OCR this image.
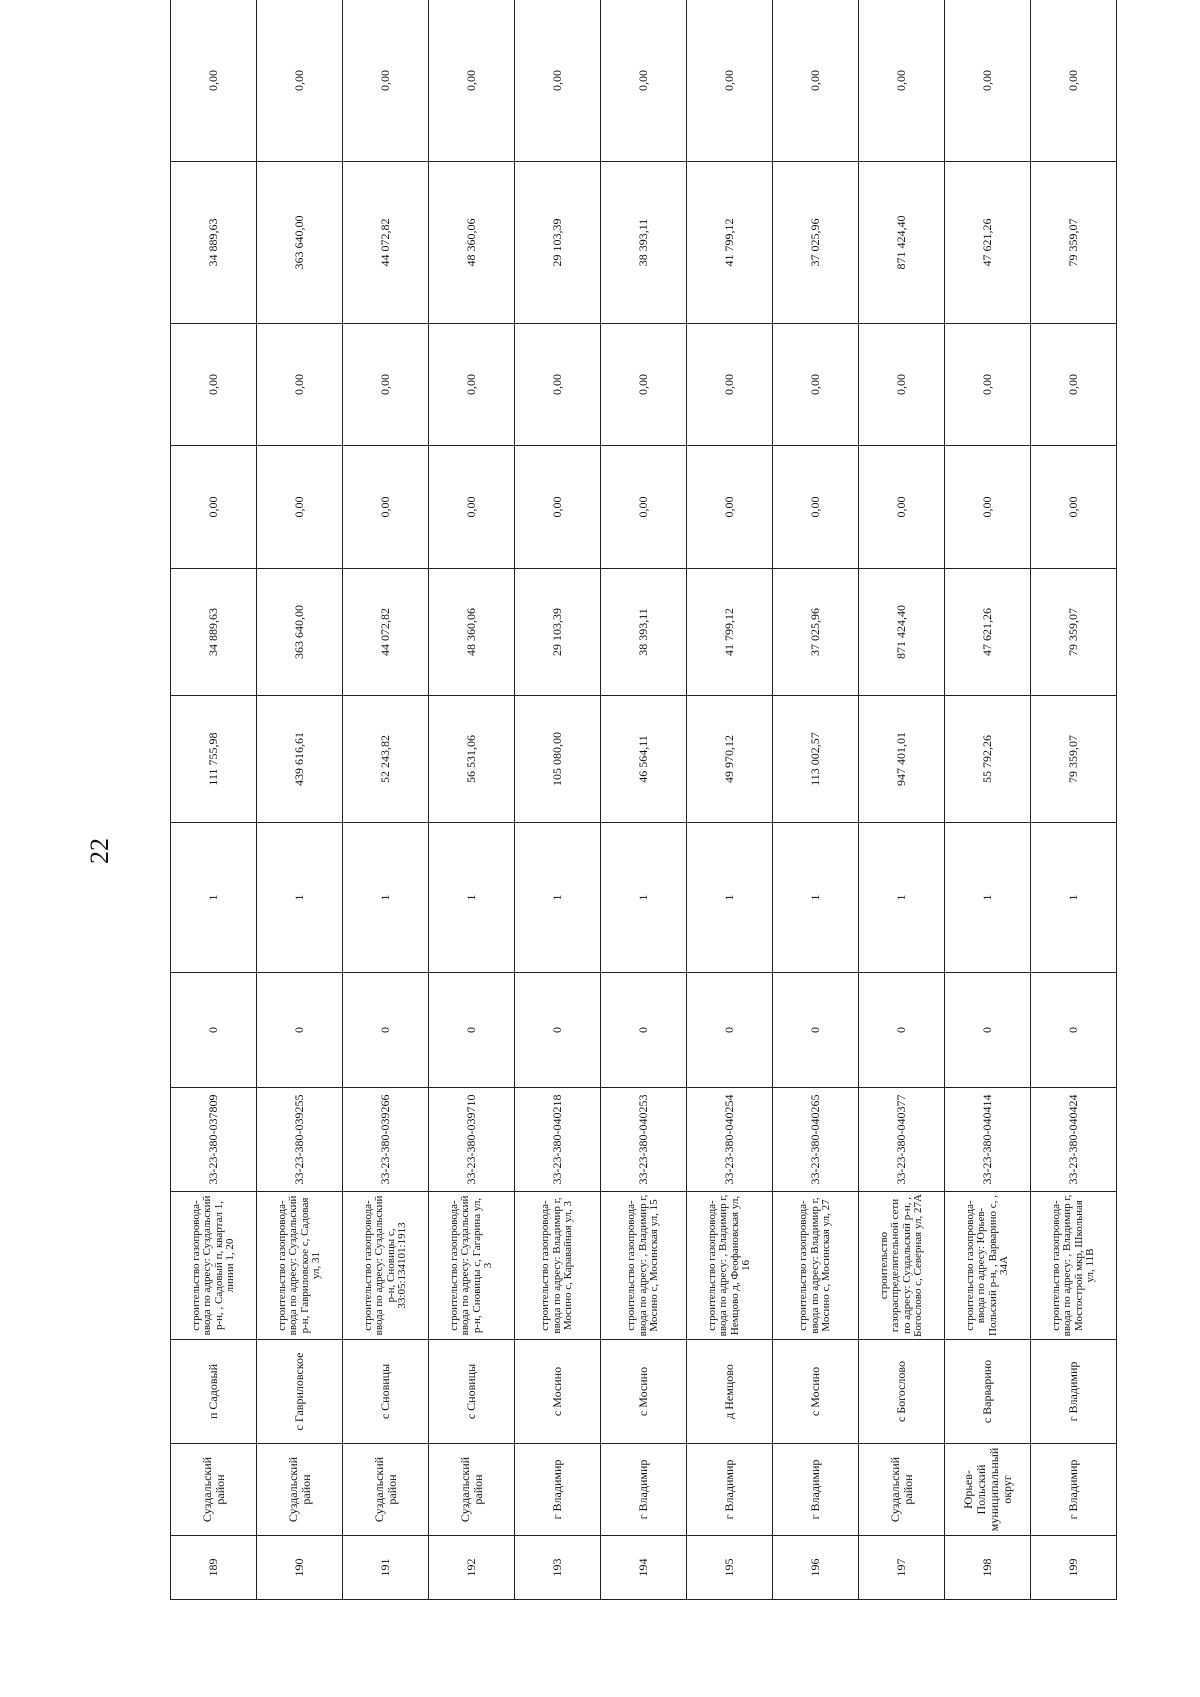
22
189	Суздальский район	п Садовый	строительство газопровода-ввода по адресу: Суздальский р-н, , Садовый п, квартал 1, линии 1, 20	33-23-380-037809	0	1	111 755,98	34 889,63	0,00	0,00	34 889,63	0,00
190	Суздальский район	с Гавриловское	строительство газопровода-ввода по адресу: Суздальский р-н, Гавриловское с, Садовая ул, 31	33-23-380-039255	0	1	439 616,61	363 640,00	0,00	0,00	363 640,00	0,00
191	Суздальский район	с Сновицы	строительство газопровода-ввода по адресу: Суздальский р-н, Сновицы с, 33:05:134101:1913	33-23-380-039266	0	1	52 243,82	44 072,82	0,00	0,00	44 072,82	0,00
192	Суздальский район	с Сновицы	строительство газопровода-ввода по адресу: Суздальский р-н, Сновицы с, Гагарина ул, 3	33-23-380-039710	0	1	56 531,06	48 360,06	0,00	0,00	48 360,06	0,00
193	г Владимир	с Мосино	строительство газопровода-ввода по адресу: Владимир г, Мосино с, Каравайная ул, 3	33-23-380-040218	0	1	105 080,00	29 103,39	0,00	0,00	29 103,39	0,00
194	г Владимир	с Мосино	строительство газопровода-ввода по адресу: , Владимир г, Мосино с, Мосинская ул, 15	33-23-380-040253	0	1	46 564,11	38 393,11	0,00	0,00	38 393,11	0,00
195	г Владимир	д Немцово	строительство газопровода-ввода по адресу: , Владимир г, Немцово д, Феофановская ул, 16	33-23-380-040254	0	1	49 970,12	41 799,12	0,00	0,00	41 799,12	0,00
196	г Владимир	с Мосино	строительство газопровода-ввода по адресу: Владимир г, Мосино с, Мосинская ул, 27	33-23-380-040265	0	1	113 002,57	37 025,96	0,00	0,00	37 025,96	0,00
197	Суздальский район	с Богослово	строительство газораспределительной сети по адресу: Суздальский р-н, , Богослово с, Северная ул, 27А	33-23-380-040377	0	1	947 401,01	871 424,40	0,00	0,00	871 424,40	0,00
198	Юрьев-Польский муниципальный округ	с Варварино	строительство газопровода-ввода по адресу: Юрьев-Польский р-н, , Варварино с, , 34А	33-23-380-040414	0	1	55 792,26	47 621,26	0,00	0,00	47 621,26	0,00
199	г Владимир	г Владимир	строительство газопровода-ввода по адресу: , Владимир г, Мостострой мкр, Школьная ул, 11В	33-23-380-040424	0	1	79 359,07	79 359,07	0,00	0,00	79 359,07	0,00
